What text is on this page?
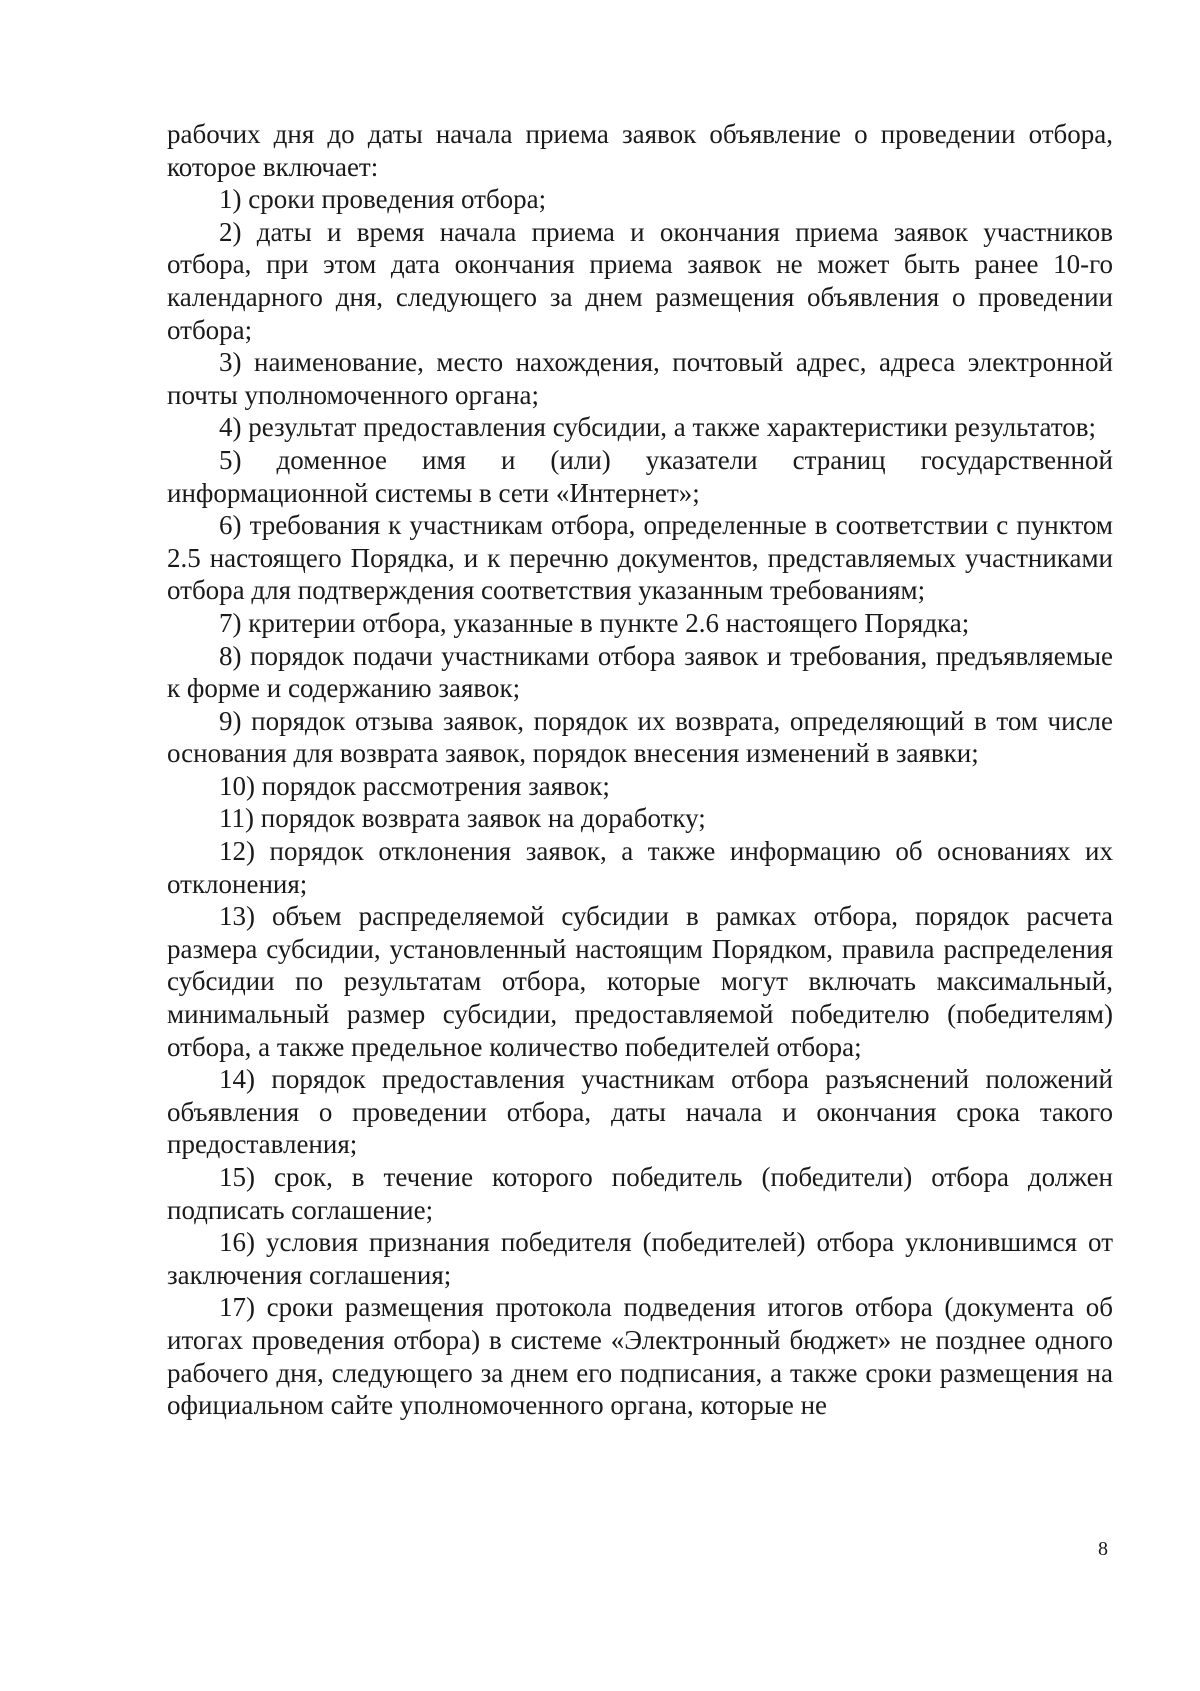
рабочих дня до даты начала приема заявок объявление о проведении отбора, которое включает:

1) сроки проведения отбора;

2) даты и время начала приема и окончания приема заявок участников отбора, при этом дата окончания приема заявок не может быть ранее 10-го календарного дня, следующего за днем размещения объявления о проведении отбора;

3) наименование, место нахождения, почтовый адрес, адреса электронной почты уполномоченного органа;

4) результат предоставления субсидии, а также характеристики результатов;

5) доменное имя и (или) указатели страниц государственной информационной системы в сети «Интернет»;

6) требования к участникам отбора, определенные в соответствии с пунктом 2.5 настоящего Порядка, и к перечню документов, представляемых участниками отбора для подтверждения соответствия указанным требованиям;

7) критерии отбора, указанные в пункте 2.6 настоящего Порядка;

8) порядок подачи участниками отбора заявок и требования, предъявляемые к форме и содержанию заявок;

9) порядок отзыва заявок, порядок их возврата, определяющий в том числе основания для возврата заявок, порядок внесения изменений в заявки;

10) порядок рассмотрения заявок;

11) порядок возврата заявок на доработку;

12) порядок отклонения заявок, а также информацию об основаниях их отклонения;

13) объем распределяемой субсидии в рамках отбора, порядок расчета размера субсидии, установленный настоящим Порядком, правила распределения субсидии по результатам отбора, которые могут включать максимальный, минимальный размер субсидии, предоставляемой победителю (победителям) отбора, а также предельное количество победителей отбора;

14) порядок предоставления участникам отбора разъяснений положений объявления о проведении отбора, даты начала и окончания срока такого предоставления;

15) срок, в течение которого победитель (победители) отбора должен подписать соглашение;

16) условия признания победителя (победителей) отбора уклонившимся от заключения соглашения;

17) сроки размещения протокола подведения итогов отбора (документа об итогах проведения отбора) в системе «Электронный бюджет» не позднее одного рабочего дня, следующего за днем его подписания, а также сроки размещения на официальном сайте уполномоченного органа, которые не

8
